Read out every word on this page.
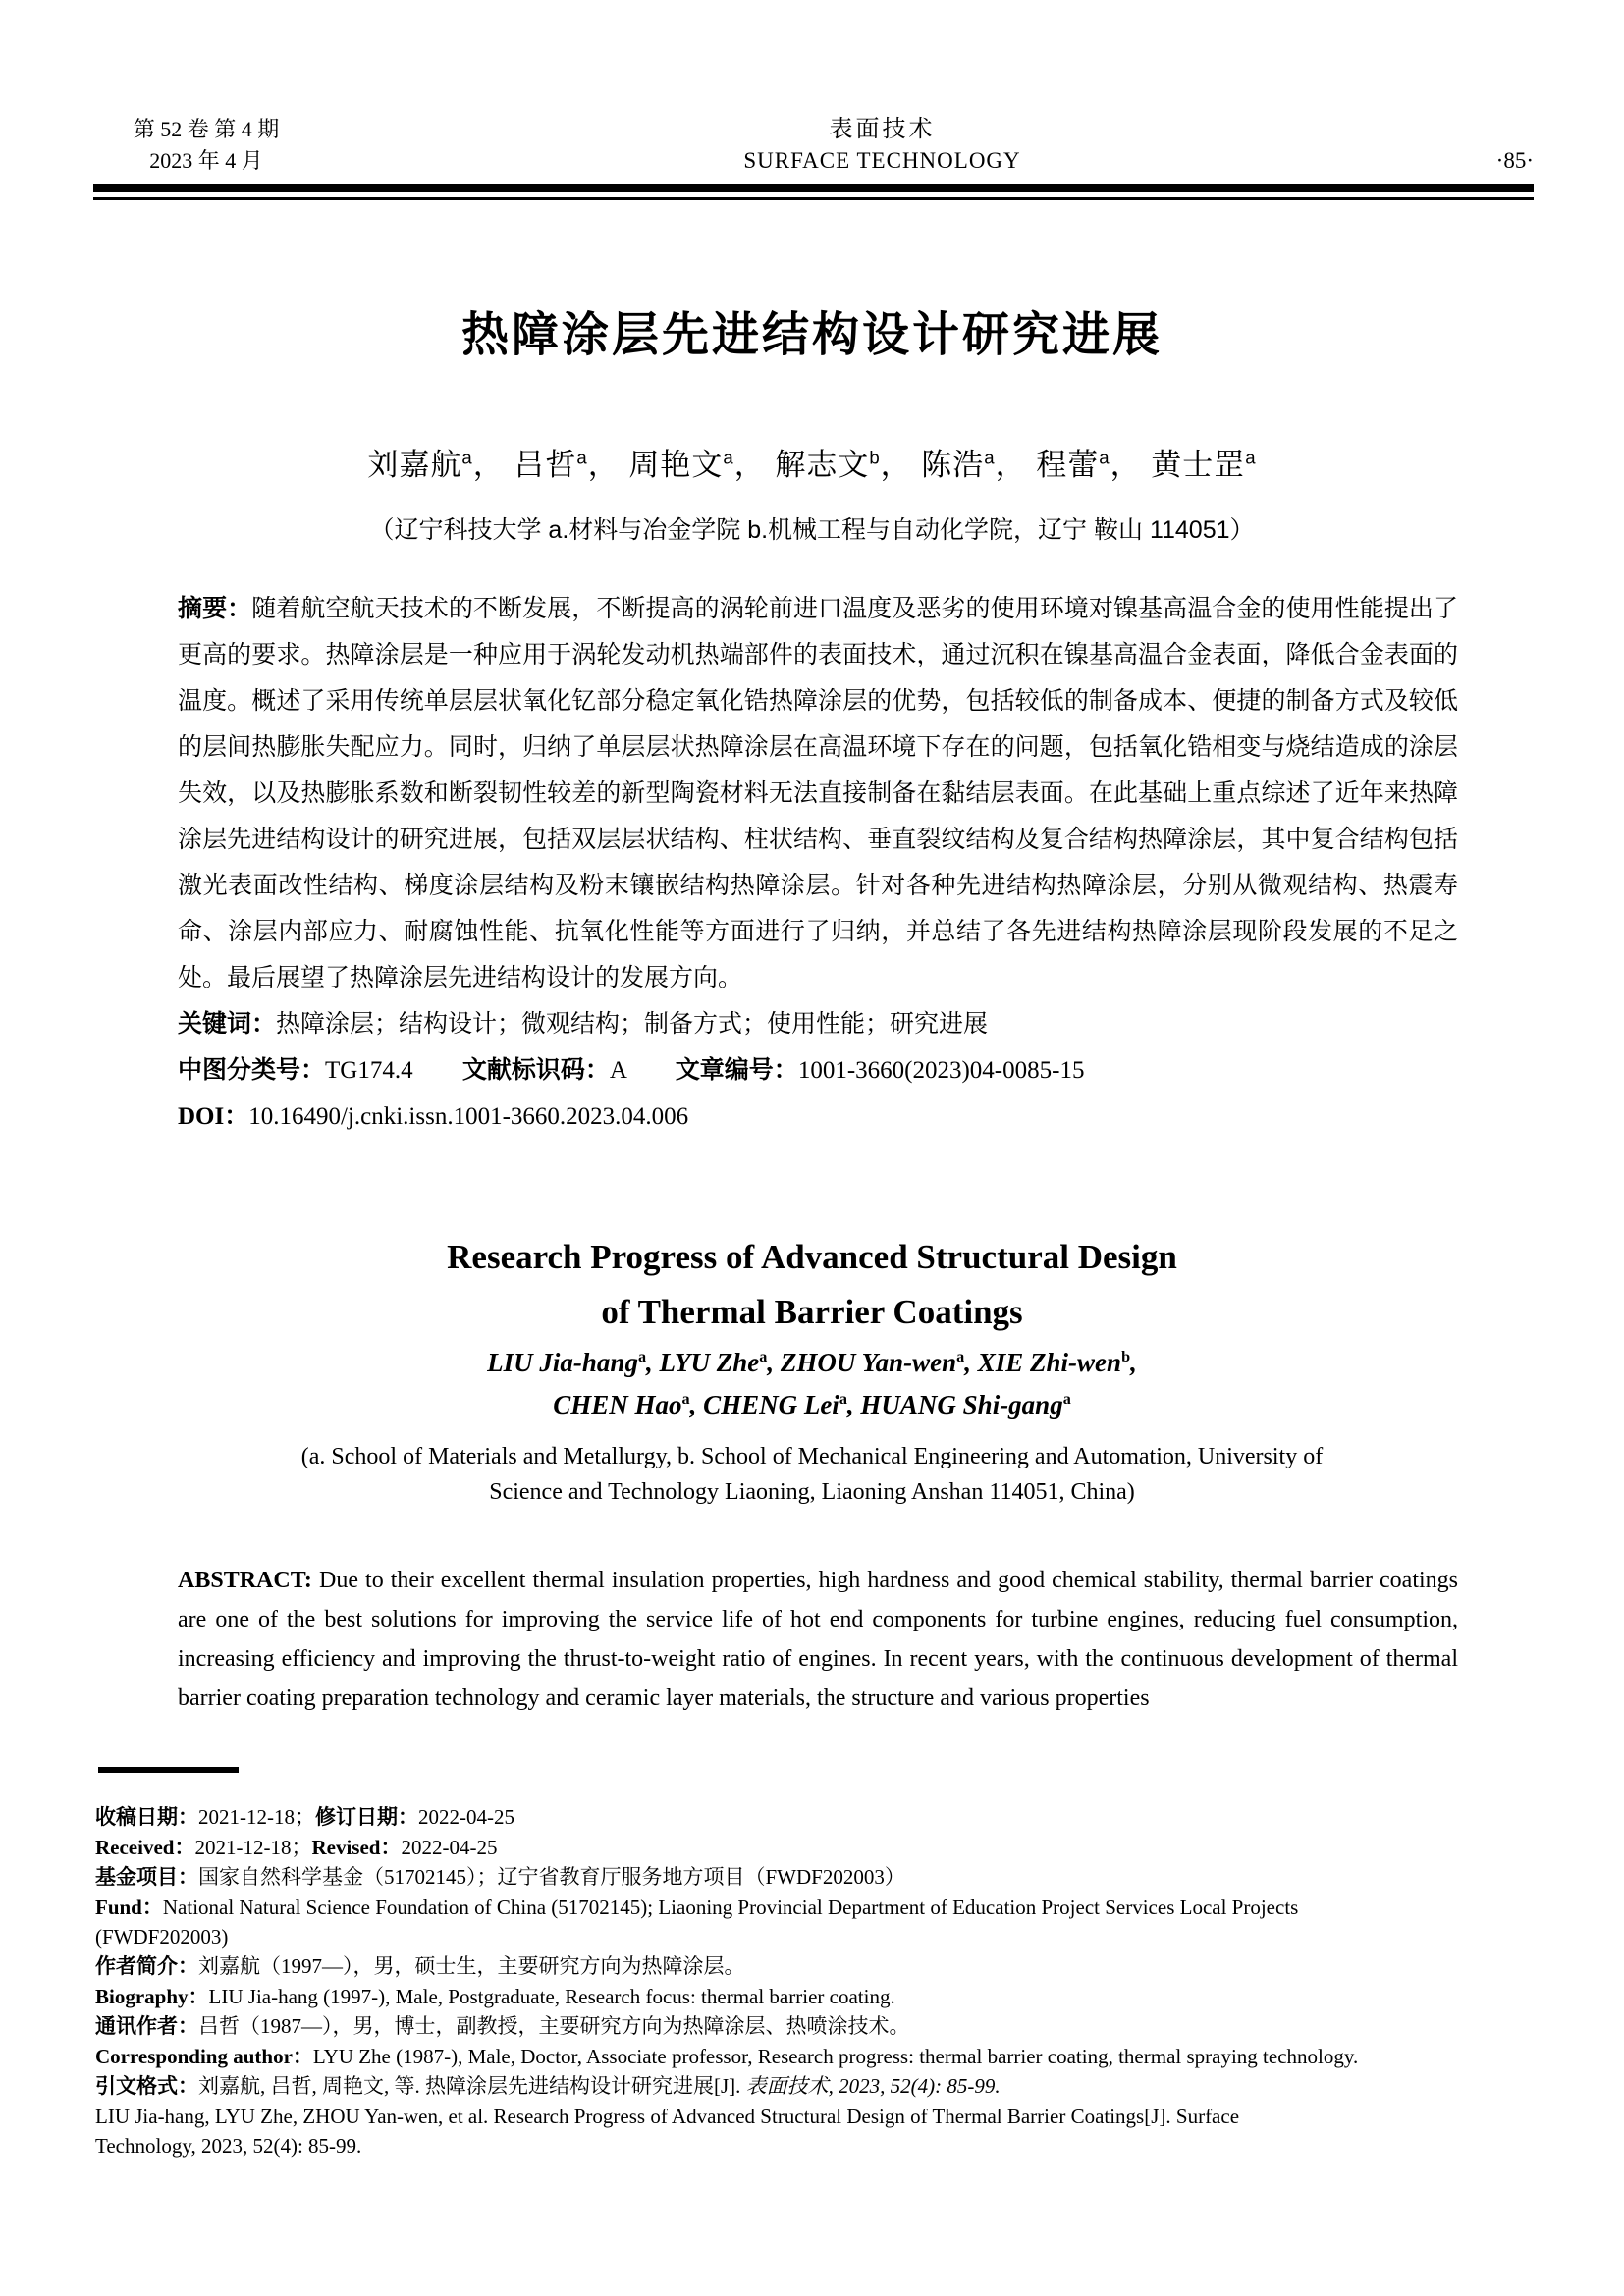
第 52 卷 第 4 期
2023 年 4 月
表面技术
SURFACE TECHNOLOGY	·85·
热障涂层先进结构设计研究进展
刘嘉航$^a$， 吕哲$^a$， 周艳文$^a$， 解志文$^b$， 陈浩$^a$， 程蕾$^a$， 黄士罡$^a$
（辽宁科技大学 a.材料与冶金学院 b.机械工程与自动化学院，辽宁 鞍山 114051）

摘要：随着航空航天技术的不断发展，不断提高的涡轮前进口温度及恶劣的使用环境对镍基高温合金的使用性能提出了更高的要求。热障涂层是一种应用于涡轮发动机热端部件的表面技术，通过沉积在镍基高温合金表面，降低合金表面的温度。概述了采用传统单层层状氧化钇部分稳定氧化锆热障涂层的优势，包括较低的制备成本、便捷的制备方式及较低的层间热膨胀失配应力。同时，归纳了单层层状热障涂层在高温环境下存在的问题，包括氧化锆相变与烧结造成的涂层失效，以及热膨胀系数和断裂韧性较差的新型陶瓷材料无法直接制备在黏结层表面。在此基础上重点综述了近年来热障涂层先进结构设计的研究进展，包括双层层状结构、柱状结构、垂直裂纹结构及复合结构热障涂层，其中复合结构包括激光表面改性结构、梯度涂层结构及粉末镶嵌结构热障涂层。针对各种先进结构热障涂层，分别从微观结构、热震寿命、涂层内部应力、耐腐蚀性能、抗氧化性能等方面进行了归纳，并总结了各先进结构热障涂层现阶段发展的不足之处。最后展望了热障涂层先进结构设计的发展方向。

关键词：热障涂层；结构设计；微观结构；制备方式；使用性能；研究进展

中图分类号：TG174.4 文献标识码：A 文章编号：1001-3660(2023)04-0085-15

DOI：10.16490/j.cnki.issn.1001-3660.2023.04.006

Research Progress of Advanced Structural Design
of Thermal Barrier Coatings
LIU Jia-hang$^a$, LYU Zhe$^a$, ZHOU Yan-wen$^a$, XIE Zhi-wen$^b$,
CHEN Hao$^a$, CHENG Lei$^a$, HUANG Shi-gang$^a$
(a. School of Materials and Metallurgy, b. School of Mechanical Engineering and Automation, University of
Science and Technology Liaoning, Liaoning Anshan 114051, China)

ABSTRACT: Due to their excellent thermal insulation properties, high hardness and good chemical stability, thermal barrier coatings are one of the best solutions for improving the service life of hot end components for turbine engines, reducing fuel consumption, increasing efficiency and improving the thrust-to-weight ratio of engines. In recent years, with the continuous development of thermal barrier coating preparation technology and ceramic layer materials, the structure and various properties

收稿日期：2021-12-18；修订日期：2022-04-25
Received：2021-12-18；Revised：2022-04-25
基金项目：国家自然科学基金（51702145）；辽宁省教育厅服务地方项目（FWDF202003）
Fund：National Natural Science Foundation of China (51702145); Liaoning Provincial Department of Education Project Services Local Projects
(FWDF202003)
作者简介：刘嘉航（1997—），男，硕士生，主要研究方向为热障涂层。
Biography：LIU Jia-hang (1997-), Male, Postgraduate, Research focus: thermal barrier coating.
通讯作者：吕哲（1987—），男，博士，副教授，主要研究方向为热障涂层、热喷涂技术。
Corresponding author：LYU Zhe (1987-), Male, Doctor, Associate professor, Research progress: thermal barrier coating, thermal spraying technology.
引文格式：刘嘉航, 吕哲, 周艳文, 等. 热障涂层先进结构设计研究进展[J]. 表面技术, 2023, 52(4): 85-99.
LIU Jia-hang, LYU Zhe, ZHOU Yan-wen, et al. Research Progress of Advanced Structural Design of Thermal Barrier Coatings[J]. Surface
Technology, 2023, 52(4): 85-99.
